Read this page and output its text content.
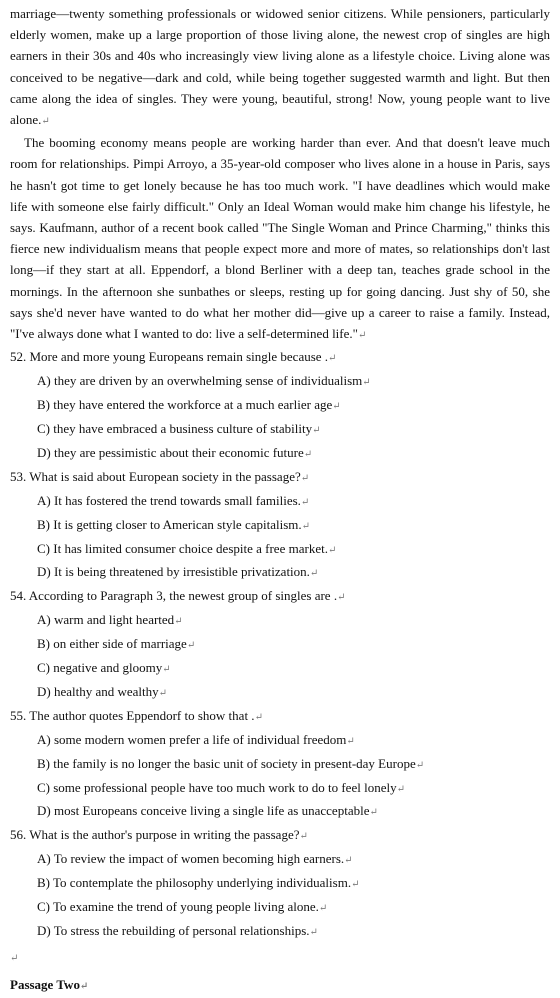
marriage—twenty something professionals or widowed senior citizens. While pensioners, particularly elderly women, make up a large proportion of those living alone, the newest crop of singles are high earners in their 30s and 40s who increasingly view living alone as a lifestyle choice. Living alone was conceived to be negative—dark and cold, while being together suggested warmth and light. But then came along the idea of singles. They were young, beautiful, strong! Now, young people want to live alone.↵

The booming economy means people are working harder than ever. And that doesn't leave much room for relationships. Pimpi Arroyo, a 35-year-old composer who lives alone in a house in Paris, says he hasn't got time to get lonely because he has too much work. "I have deadlines which would make life with someone else fairly difficult." Only an Ideal Woman would make him change his lifestyle, he says. Kaufmann, author of a recent book called "The Single Woman and Prince Charming," thinks this fierce new individualism means that people expect more and more of mates, so relationships don't last long—if they start at all. Eppendorf, a blond Berliner with a deep tan, teaches grade school in the mornings. In the afternoon she sunbathes or sleeps, resting up for going dancing. Just shy of 50, she says she'd never have wanted to do what her mother did—give up a career to raise a family. Instead, "I've always done what I wanted to do: live a self-determined life."↵

52. More and more young Europeans remain single because .↵

A) they are driven by an overwhelming sense of individualism↵

B) they have entered the workforce at a much earlier age↵

C) they have embraced a business culture of stability↵

D) they are pessimistic about their economic future↵

53. What is said about European society in the passage?↵

A) It has fostered the trend towards small families.↵

B) It is getting closer to American style capitalism.↵

C) It has limited consumer choice despite a free market.↵

D) It is being threatened by irresistible privatization.↵

54. According to Paragraph 3, the newest group of singles are .↵

A) warm and light hearted↵

B) on either side of marriage↵

C) negative and gloomy↵

D) healthy and wealthy↵

55. The author quotes Eppendorf to show that .↵

A) some modern women prefer a life of individual freedom↵

B) the family is no longer the basic unit of society in present-day Europe↵

C) some professional people have too much work to do to feel lonely↵

D) most Europeans conceive living a single life as unacceptable↵

56. What is the author's purpose in writing the passage?↵

A) To review the impact of women becoming high earners.↵

B) To contemplate the philosophy underlying individualism.↵

C) To examine the trend of young people living alone.↵

D) To stress the rebuilding of personal relationships.↵

↵

Passage Two↵
